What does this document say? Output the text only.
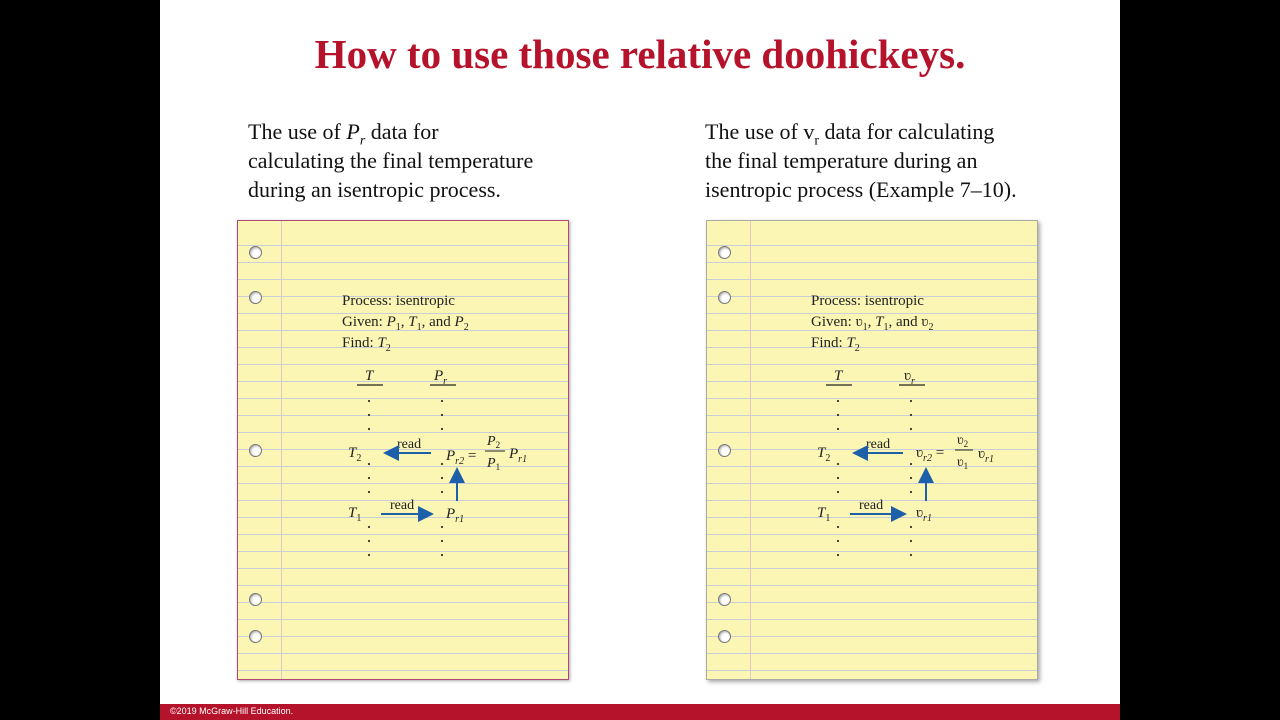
How to use those relative doohickeys.
The use of $P_r$ data for
calculating the final temperature
during an isentropic process.
The use of $v_r$ data for calculating
the final temperature during an
isentropic process (Example 7–10).
Process: isentropic
Given: $P_1$, $T_1$, and $P_2$
Find: $T_2$
T	$P_r$
$T_2$
$T_1$
read
read
$P_{r2}$ =
$P_2$
$P_1$
$P_{r1}$
$P_{r1}$
Process: isentropic
Given: ʋ$_1$, $T_1$, and ʋ$_2$
Find: $T_2$
T	ʋ$_r$
$T_2$
$T_1$
read
read
ʋ$_{r2}$ =
ʋ$_2$
ʋ$_1$
ʋ$_{r1}$
ʋ$_{r1}$
©2019 McGraw-Hill Education.
